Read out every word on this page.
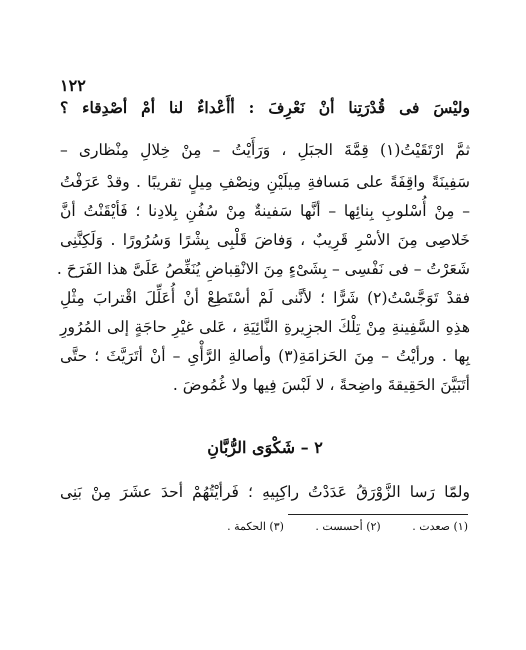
١٢٢
وليْسَ فى قُدْرَتِنا أنْ نَعْرِفَ : أأَعْداءٌ لنا أمْ أصْدِقاء ؟
ثمَّ ارْتَقَيْتُ(١) قِمَّةَ الجبَلِ ، وَرَأَيْتُ – مِنْ خِلالِ مِنْظارى –
سَفِينَةً واقِفَةً على مَسافةِ مِيلَيْنِ ونِصْفِ مِيلٍ تقريبًا . وقدْ عَرَفْتُ
– مِنْ أُسْلوبِ بِنائِها – أنَّها سَفينةٌ مِنْ سُفُنِ بِلادِنا ؛ فَأيْقَنْتُ أنَّ
خَلاصِى مِنَ الأسْرِ قَرِيبٌ ، وَفاضَ قَلْبِى بِشْرًا وَسُرُورًا . وَلَكِنَّنِى
شَعَرْتُ – فى نَفْسِى – بِشَىْءٍ مِنَ الانْقِباضِ يُنَغِّصُ عَلَىَّ هذا الفَرَحَ .
فقدْ تَوَجَّسْتُ(٢) شَرًّا ؛ لأنَّنى لَمْ أسْتَطِعْ أنْ أُعَلِّلَ اقْترابَ مِثْلِ
هذِهِ السَّفِينةِ مِنْ تِلْكَ الجزِيرةِ النَّائِيَةِ ، عَلى غيْرِ حاجَةٍ إلى المُرُورِ
بِها . ورأيْتُ – مِنَ الحَزامَةِ(٣) وأصالةِ الرَّأْىِ – أنْ أتَرَيَّثَ ؛ حتَّى
أتَبَيَّنَ الحَقِيقةَ واضِحةً ، لا لَبْسَ فِيها ولا غُمُوضَ .
٢ – شَكْوَى الرُّبَّانِ
ولمّا رَسا الزَّوْرَقُ عَدَدْتُ راكِبِيهِ ؛ فَرأيْتُهُمْ أحدَ عشَرَ مِنْ بَنِى
(١) صعدت . (٢) أحسست . (٣) الحكمة .
